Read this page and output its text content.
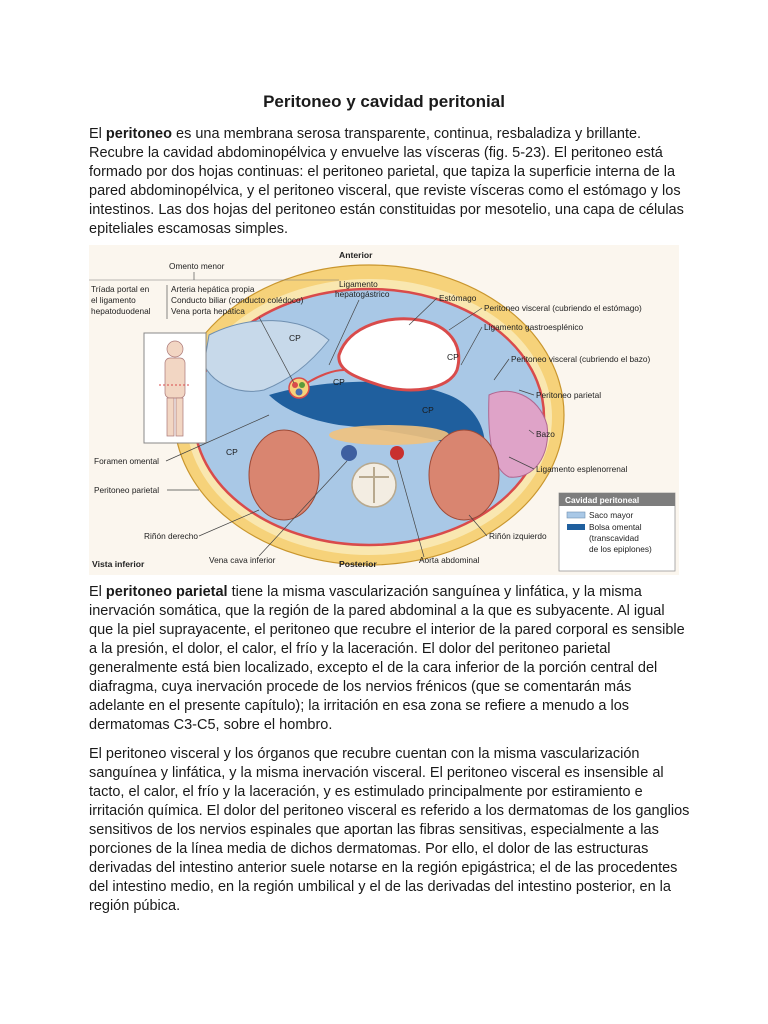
Peritoneo y cavidad peritonial

El peritoneo es una membrana serosa transparente, continua, resbaladiza y brillante. Recubre la cavidad abdominopélvica y envuelve las vísceras (fig. 5-23). El peritoneo está formado por dos hojas continuas: el peritoneo parietal, que tapiza la superficie interna de la pared abdominopélvica, y el peritoneo visceral, que reviste vísceras como el estómago y los intestinos. Las dos hojas del peritoneo están constituidas por mesotelio, una capa de células epiteliales escamosas simples.

CP
CP
CP
CP
CP
Anterior
Omento menor
Tríada portal en
el ligamento
hepatoduodenal
Arteria hepática propia
Conducto biliar (conducto colédoco)
Vena porta hepática
Ligamento
hepatogástrico	Estómago
Peritoneo visceral (cubriendo el estómago)
Ligamento gastroesplénico
Peritoneo visceral (cubriendo el bazo)
Peritoneo parietal
Bazo
Ligamento esplenorrenal
Riñón izquierdo
Foramen omental
Peritoneo parietal
Riñón derecho
Vena cava inferior
Vista inferior	Posterior	Aorta abdominal
Cavidad peritoneal
Saco mayor
Bolsa omental
(transcavidad
de los epiplones)

El peritoneo parietal tiene la misma vascularización sanguínea y linfática, y la misma inervación somática, que la región de la pared abdominal a la que es subyacente. Al igual que la piel suprayacente, el peritoneo que recubre el interior de la pared corporal es sensible a la presión, el dolor, el calor, el frío y la laceración. El dolor del peritoneo parietal generalmente está bien localizado, excepto el de la cara inferior de la porción central del diafragma, cuya inervación procede de los nervios frénicos (que se comentarán más adelante en el presente capítulo); la irritación en esa zona se refiere a menudo a los dermatomas C3-C5, sobre el hombro.

El peritoneo visceral y los órganos que recubre cuentan con la misma vascularización sanguínea y linfática, y la misma inervación visceral. El peritoneo visceral es insensible al tacto, el calor, el frío y la laceración, y es estimulado principalmente por estiramiento e irritación química. El dolor del peritoneo visceral es referido a los dermatomas de los ganglios sensitivos de los nervios espinales que aportan las fibras sensitivas, especialmente a las porciones de la línea media de dichos dermatomas. Por ello, el dolor de las estructuras derivadas del intestino anterior suele notarse en la región epigástrica; el de las procedentes del intestino medio, en la región umbilical y el de las derivadas del intestino posterior, en la región púbica.
